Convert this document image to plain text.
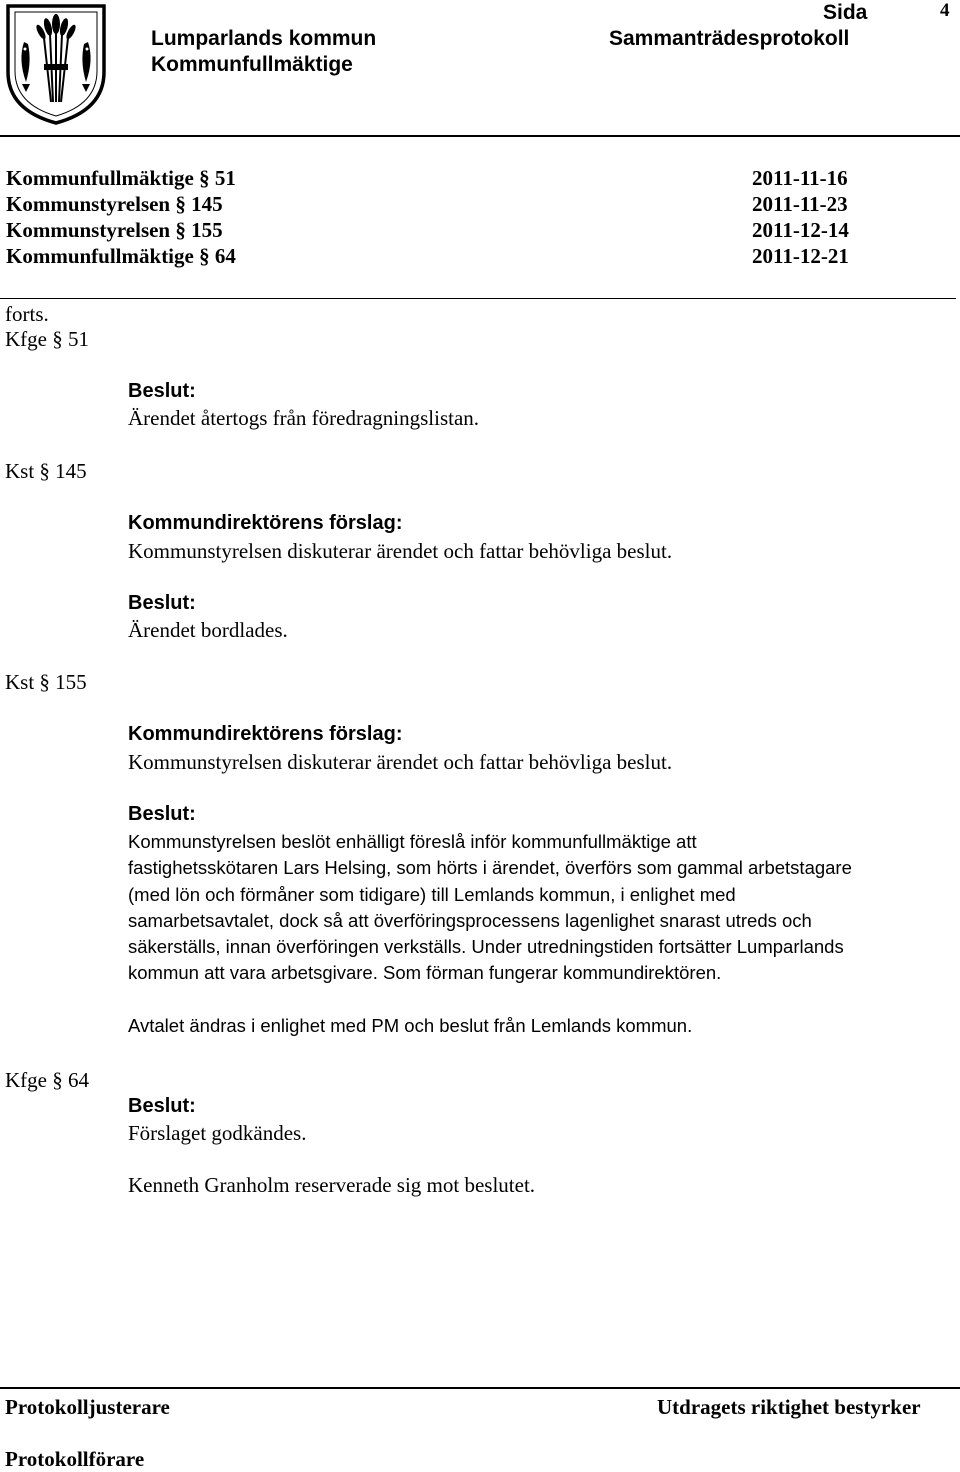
Lumparlands kommun
Kommunfullmäktige
Sida
Sammanträdesprotokoll
4
Kommunfullmäktige § 51	2011-11-16
Kommunstyrelsen § 145	2011-11-23
Kommunstyrelsen § 155	2011-12-14
Kommunfullmäktige § 64	2011-12-21
forts.
Kfge § 51
Beslut:
Ärendet återtogs från föredragningslistan.
Kst § 145
Kommundirektörens förslag:
Kommunstyrelsen diskuterar ärendet och fattar behövliga beslut.
Beslut:
Ärendet bordlades.
Kst § 155
Kommundirektörens förslag:
Kommunstyrelsen diskuterar ärendet och fattar behövliga beslut.
Beslut:
Kommunstyrelsen beslöt enhälligt föreslå inför kommunfullmäktige att
fastighetsskötaren Lars Helsing, som hörts i ärendet, överförs som gammal arbetstagare
(med lön och förmåner som tidigare) till Lemlands kommun, i enlighet med
samarbetsavtalet, dock så att överföringsprocessens lagenlighet snarast utreds och
säkerställs, innan överföringen verkställs. Under utredningstiden fortsätter Lumparlands
kommun att vara arbetsgivare. Som förman fungerar kommundirektören.
Avtalet ändras i enlighet med PM och beslut från Lemlands kommun.
Kfge § 64
Beslut:
Förslaget godkändes.
Kenneth Granholm reserverade sig mot beslutet.
Protokolljusterare	Utdragets riktighet bestyrker
Protokollförare
